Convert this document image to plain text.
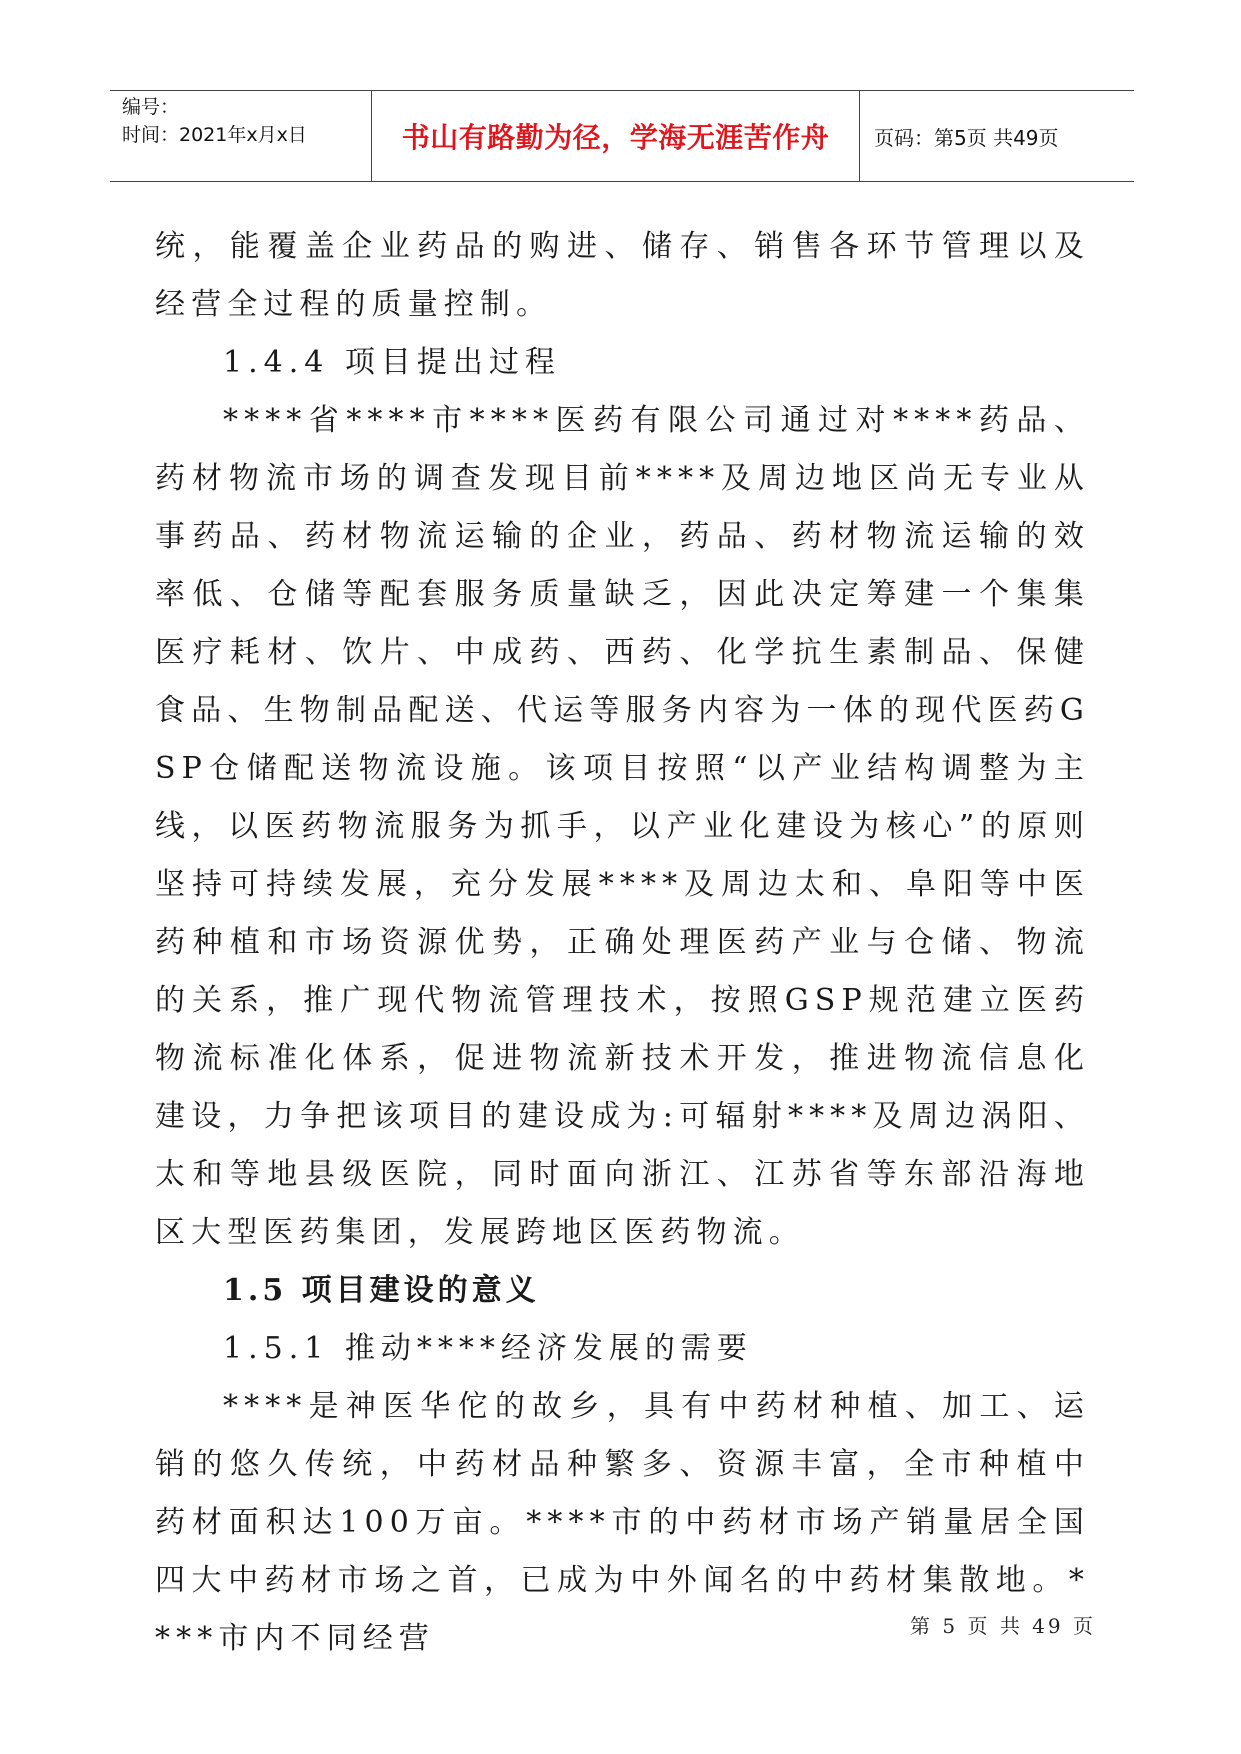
编号：
时间：2021年x月x日	书山有路勤为径，学海无涯苦作舟	页码：第5页 共49页

统，能覆盖企业药品的购进、储存、销售各环节管理以及经营全过程的质量控制。

1.4.4 项目提出过程

****省****市****医药有限公司通过对****药品、药材物流市场的调查发现目前****及周边地区尚无专业从事药品、药材物流运输的企业，药品、药材物流运输的效率低、仓储等配套服务质量缺乏，因此决定筹建一个集集医疗耗材、饮片、中成药、西药、化学抗生素制品、保健食品、生物制品配送、代运等服务内容为一体的现代医药GSP仓储配送物流设施。该项目按照“以产业结构调整为主线，以医药物流服务为抓手，以产业化建设为核心”的原则坚持可持续发展，充分发展****及周边太和、阜阳等中医药种植和市场资源优势，正确处理医药产业与仓储、物流的关系，推广现代物流管理技术，按照GSP规范建立医药物流标准化体系，促进物流新技术开发，推进物流信息化建设，力争把该项目的建设成为:可辐射****及周边涡阳、太和等地县级医院，同时面向浙江、江苏省等东部沿海地区大型医药集团，发展跨地区医药物流。

1.5 项目建设的意义

1.5.1 推动****经济发展的需要

****是神医华佗的故乡，具有中药材种植、加工、运销的悠久传统，中药材品种繁多、资源丰富，全市种植中药材面积达100万亩。****市的中药材市场产销量居全国四大中药材市场之首，已成为中外闻名的中药材集散地。****市内不同经营	第 5 页 共 49 页
